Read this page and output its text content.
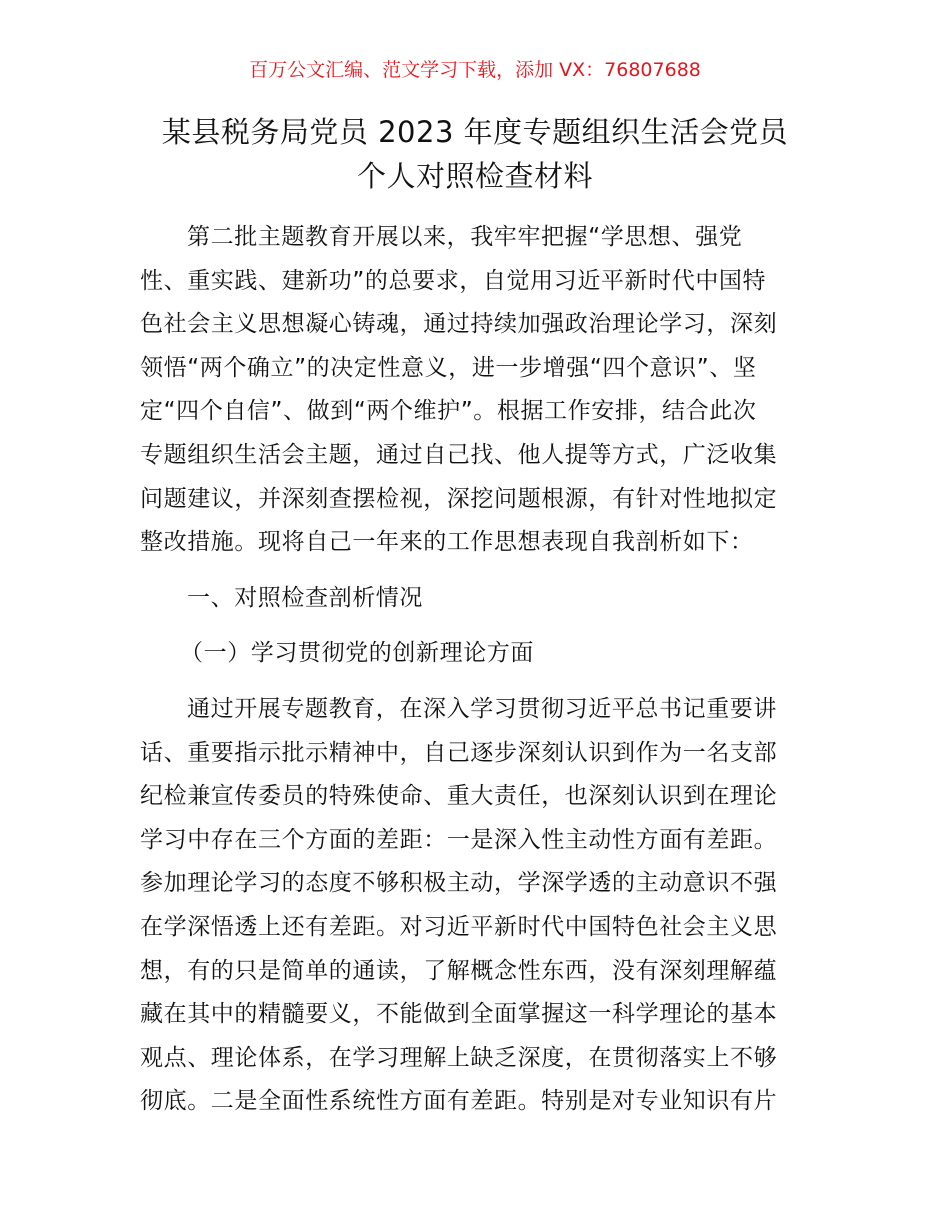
百万公文汇编、范文学习下载，添加 VX：76807688
某县税务局党员 2023 年度专题组织生活会党员
个人对照检查材料

第二批主题教育开展以来，我牢牢把握“学思想、强党
性、重实践、建新功”的总要求，自觉用习近平新时代中国特
色社会主义思想凝心铸魂，通过持续加强政治理论学习，深刻
领悟“两个确立”的决定性意义，进一步增强“四个意识”、坚
定“四个自信”、做到“两个维护”。根据工作安排，结合此次
专题组织生活会主题，通过自己找、他人提等方式，广泛收集
问题建议，并深刻查摆检视，深挖问题根源，有针对性地拟定
整改措施。现将自己一年来的工作思想表现自我剖析如下：

一、对照检查剖析情况
（一）学习贯彻党的创新理论方面

通过开展专题教育，在深入学习贯彻习近平总书记重要讲
话、重要指示批示精神中，自己逐步深刻认识到作为一名支部
纪检兼宣传委员的特殊使命、重大责任，也深刻认识到在理论
学习中存在三个方面的差距：一是深入性主动性方面有差距。
参加理论学习的态度不够积极主动，学深学透的主动意识不强
在学深悟透上还有差距。对习近平新时代中国特色社会主义思
想，有的只是简单的通读，了解概念性东西，没有深刻理解蕴
藏在其中的精髓要义，不能做到全面掌握这一科学理论的基本
观点、理论体系，在学习理解上缺乏深度，在贯彻落实上不够
彻底。二是全面性系统性方面有差距。特别是对专业知识有片
